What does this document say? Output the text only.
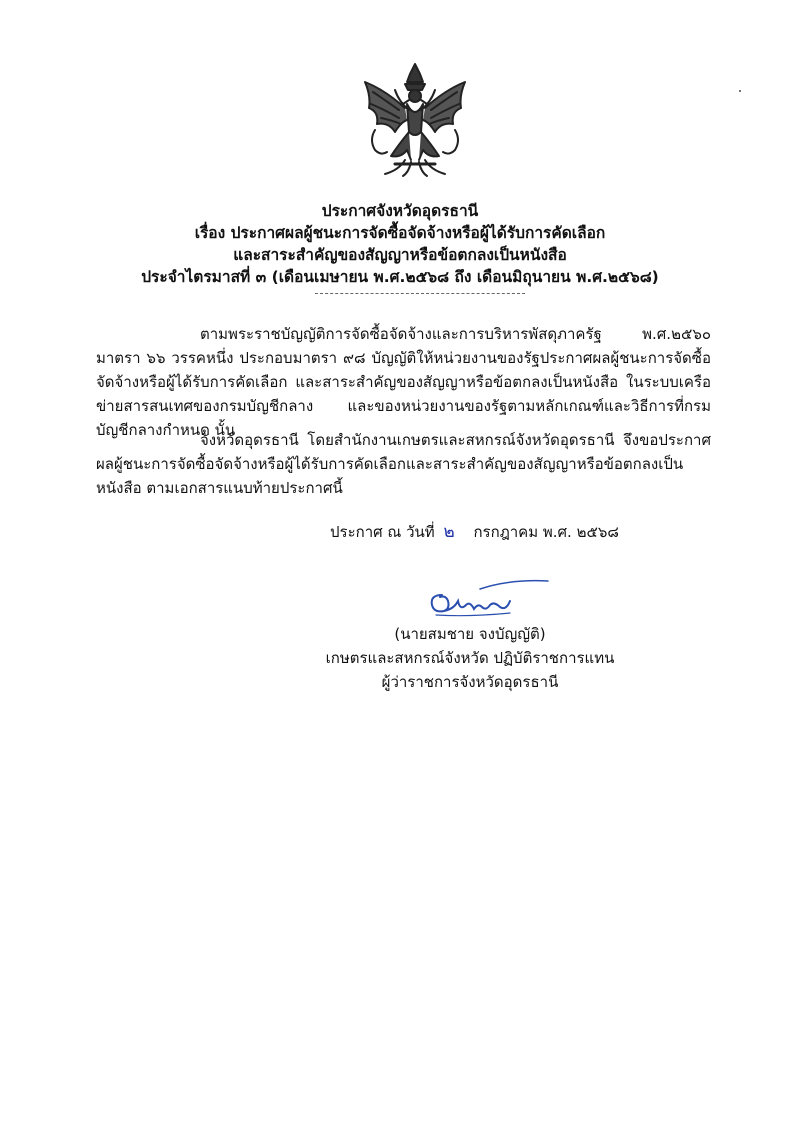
ประกาศจังหวัดอุดรธานี
เรื่อง ประกาศผลผู้ชนะการจัดซื้อจัดจ้างหรือผู้ได้รับการคัดเลือก
และสาระสำคัญของสัญญาหรือข้อตกลงเป็นหนังสือ
ประจำไตรมาสที่ ๓ (เดือนเมษายน พ.ศ.๒๕๖๘ ถึง เดือนมิถุนายน พ.ศ.๒๕๖๘)
ตามพระราชบัญญัติการจัดซื้อจัดจ้างและการบริหารพัสดุภาครัฐ พ.ศ.๒๕๖๐ มาตรา ๖๖ วรรคหนึ่ง ประกอบมาตรา ๙๘ บัญญัติให้หน่วยงานของรัฐประกาศผลผู้ชนะการจัดซื้อจัดจ้างหรือผู้ได้รับการคัดเลือก และสาระสำคัญของสัญญาหรือข้อตกลงเป็นหนังสือ ในระบบเครือข่ายสารสนเทศของกรมบัญชีกลาง และของหน่วยงานของรัฐตามหลักเกณฑ์และวิธีการที่กรมบัญชีกลางกำหนด นั้น
จังหวัดอุดรธานี โดยสำนักงานเกษตรและสหกรณ์จังหวัดอุดรธานี จึงขอประกาศผลผู้ชนะการจัดซื้อจัดจ้างหรือผู้ได้รับการคัดเลือกและสาระสำคัญของสัญญาหรือข้อตกลงเป็นหนังสือ ตามเอกสารแนบท้ายประกาศนี้
ประกาศ ณ วันที่ ๒ กรกฎาคม พ.ศ. ๒๕๖๘
(นายสมชาย จงบัญญัติ)
เกษตรและสหกรณ์จังหวัด ปฏิบัติราชการแทน
ผู้ว่าราชการจังหวัดอุดรธานี
